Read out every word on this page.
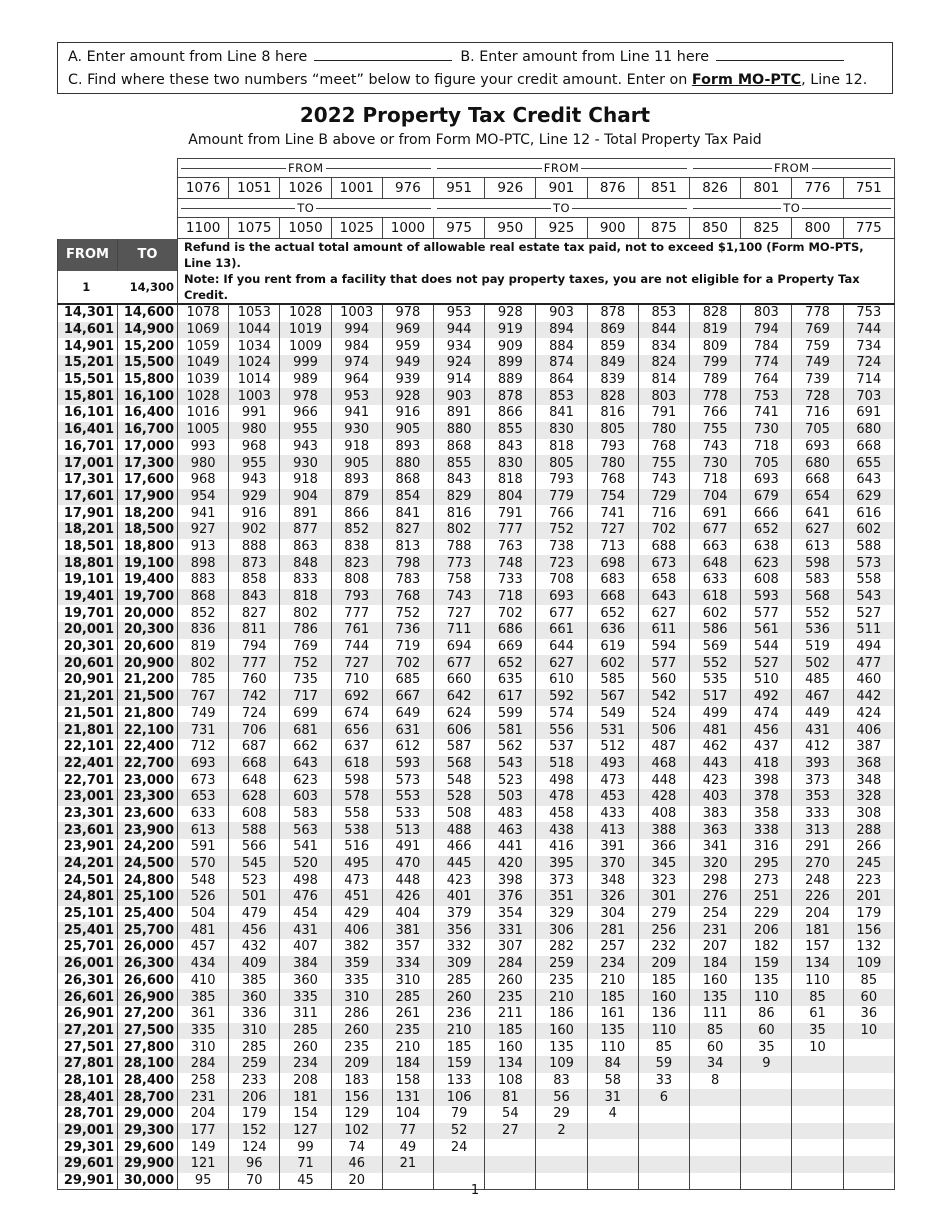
A. Enter amount from Line 8 here	B. Enter amount from Line 11 here
C. Find where these two numbers “meet” below to figure your credit amount. Enter on Form MO-PTC, Line 12.
2022 Property Tax Credit Chart
Amount from Line B above or from Form MO-PTC, Line 12 - Total Property Tax Paid

		FROM					FROM					FROM			

		1076	1051	1026	1001	976	951	926	901	876	851	826	801	776	751

		TO					TO					TO			

		1100	1075	1050	1025	1000	975	950	925	900	875	850	825	800	775
FROM	TO	Refund is the actual total amount of allowable real estate tax paid, not to exceed $1,100 (Form MO-PTS, Line 13).													
1	14,300	Note: If you rent from a facility that does not pay property taxes, you are not eligible for a Property Tax Credit.													
14,301	14,600	1078	1053	1028	1003	978	953	928	903	878	853	828	803	778	753
14,601	14,900	1069	1044	1019	994	969	944	919	894	869	844	819	794	769	744
14,901	15,200	1059	1034	1009	984	959	934	909	884	859	834	809	784	759	734
15,201	15,500	1049	1024	999	974	949	924	899	874	849	824	799	774	749	724
15,501	15,800	1039	1014	989	964	939	914	889	864	839	814	789	764	739	714
15,801	16,100	1028	1003	978	953	928	903	878	853	828	803	778	753	728	703
16,101	16,400	1016	991	966	941	916	891	866	841	816	791	766	741	716	691
16,401	16,700	1005	980	955	930	905	880	855	830	805	780	755	730	705	680
16,701	17,000	993	968	943	918	893	868	843	818	793	768	743	718	693	668
17,001	17,300	980	955	930	905	880	855	830	805	780	755	730	705	680	655
17,301	17,600	968	943	918	893	868	843	818	793	768	743	718	693	668	643
17,601	17,900	954	929	904	879	854	829	804	779	754	729	704	679	654	629
17,901	18,200	941	916	891	866	841	816	791	766	741	716	691	666	641	616
18,201	18,500	927	902	877	852	827	802	777	752	727	702	677	652	627	602
18,501	18,800	913	888	863	838	813	788	763	738	713	688	663	638	613	588
18,801	19,100	898	873	848	823	798	773	748	723	698	673	648	623	598	573
19,101	19,400	883	858	833	808	783	758	733	708	683	658	633	608	583	558
19,401	19,700	868	843	818	793	768	743	718	693	668	643	618	593	568	543
19,701	20,000	852	827	802	777	752	727	702	677	652	627	602	577	552	527
20,001	20,300	836	811	786	761	736	711	686	661	636	611	586	561	536	511
20,301	20,600	819	794	769	744	719	694	669	644	619	594	569	544	519	494
20,601	20,900	802	777	752	727	702	677	652	627	602	577	552	527	502	477
20,901	21,200	785	760	735	710	685	660	635	610	585	560	535	510	485	460
21,201	21,500	767	742	717	692	667	642	617	592	567	542	517	492	467	442
21,501	21,800	749	724	699	674	649	624	599	574	549	524	499	474	449	424
21,801	22,100	731	706	681	656	631	606	581	556	531	506	481	456	431	406
22,101	22,400	712	687	662	637	612	587	562	537	512	487	462	437	412	387
22,401	22,700	693	668	643	618	593	568	543	518	493	468	443	418	393	368
22,701	23,000	673	648	623	598	573	548	523	498	473	448	423	398	373	348
23,001	23,300	653	628	603	578	553	528	503	478	453	428	403	378	353	328
23,301	23,600	633	608	583	558	533	508	483	458	433	408	383	358	333	308
23,601	23,900	613	588	563	538	513	488	463	438	413	388	363	338	313	288
23,901	24,200	591	566	541	516	491	466	441	416	391	366	341	316	291	266
24,201	24,500	570	545	520	495	470	445	420	395	370	345	320	295	270	245
24,501	24,800	548	523	498	473	448	423	398	373	348	323	298	273	248	223
24,801	25,100	526	501	476	451	426	401	376	351	326	301	276	251	226	201
25,101	25,400	504	479	454	429	404	379	354	329	304	279	254	229	204	179
25,401	25,700	481	456	431	406	381	356	331	306	281	256	231	206	181	156
25,701	26,000	457	432	407	382	357	332	307	282	257	232	207	182	157	132
26,001	26,300	434	409	384	359	334	309	284	259	234	209	184	159	134	109
26,301	26,600	410	385	360	335	310	285	260	235	210	185	160	135	110	85
26,601	26,900	385	360	335	310	285	260	235	210	185	160	135	110	85	60
26,901	27,200	361	336	311	286	261	236	211	186	161	136	111	86	61	36
27,201	27,500	335	310	285	260	235	210	185	160	135	110	85	60	35	10
27,501	27,800	310	285	260	235	210	185	160	135	110	85	60	35	10	
27,801	28,100	284	259	234	209	184	159	134	109	84	59	34	9		
28,101	28,400	258	233	208	183	158	133	108	83	58	33	8			
28,401	28,700	231	206	181	156	131	106	81	56	31	6				
28,701	29,000	204	179	154	129	104	79	54	29	4					
29,001	29,300	177	152	127	102	77	52	27	2						
29,301	29,600	149	124	99	74	49	24								
29,601	29,900	121	96	71	46	21									
29,901	30,000	95	70	45	20										
1
